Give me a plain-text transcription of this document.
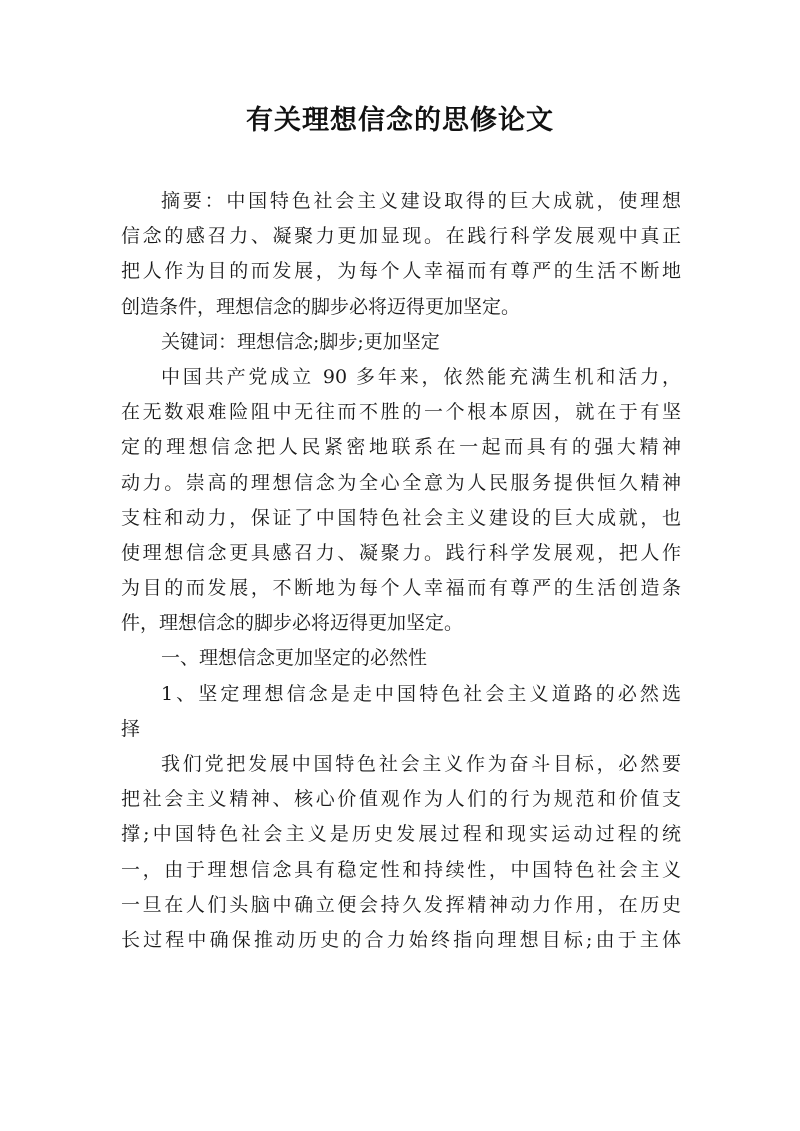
有关理想信念的思修论文
摘要：中国特色社会主义建设取得的巨大成就，使理想
信念的感召力、凝聚力更加显现。在践行科学发展观中真正
把人作为目的而发展，为每个人幸福而有尊严的生活不断地
创造条件，理想信念的脚步必将迈得更加坚定。
关键词：理想信念;脚步;更加坚定
中国共产党成立 90 多年来，依然能充满生机和活力，
在无数艰难险阻中无往而不胜的一个根本原因，就在于有坚
定的理想信念把人民紧密地联系在一起而具有的强大精神
动力。崇高的理想信念为全心全意为人民服务提供恒久精神
支柱和动力，保证了中国特色社会主义建设的巨大成就，也
使理想信念更具感召力、凝聚力。践行科学发展观，把人作
为目的而发展，不断地为每个人幸福而有尊严的生活创造条
件，理想信念的脚步必将迈得更加坚定。
一、理想信念更加坚定的必然性
1、坚定理想信念是走中国特色社会主义道路的必然选
择
我们党把发展中国特色社会主义作为奋斗目标，必然要
把社会主义精神、核心价值观作为人们的行为规范和价值支
撑;中国特色社会主义是历史发展过程和现实运动过程的统
一，由于理想信念具有稳定性和持续性，中国特色社会主义
一旦在人们头脑中确立便会持久发挥精神动力作用，在历史
长过程中确保推动历史的合力始终指向理想目标;由于主体
